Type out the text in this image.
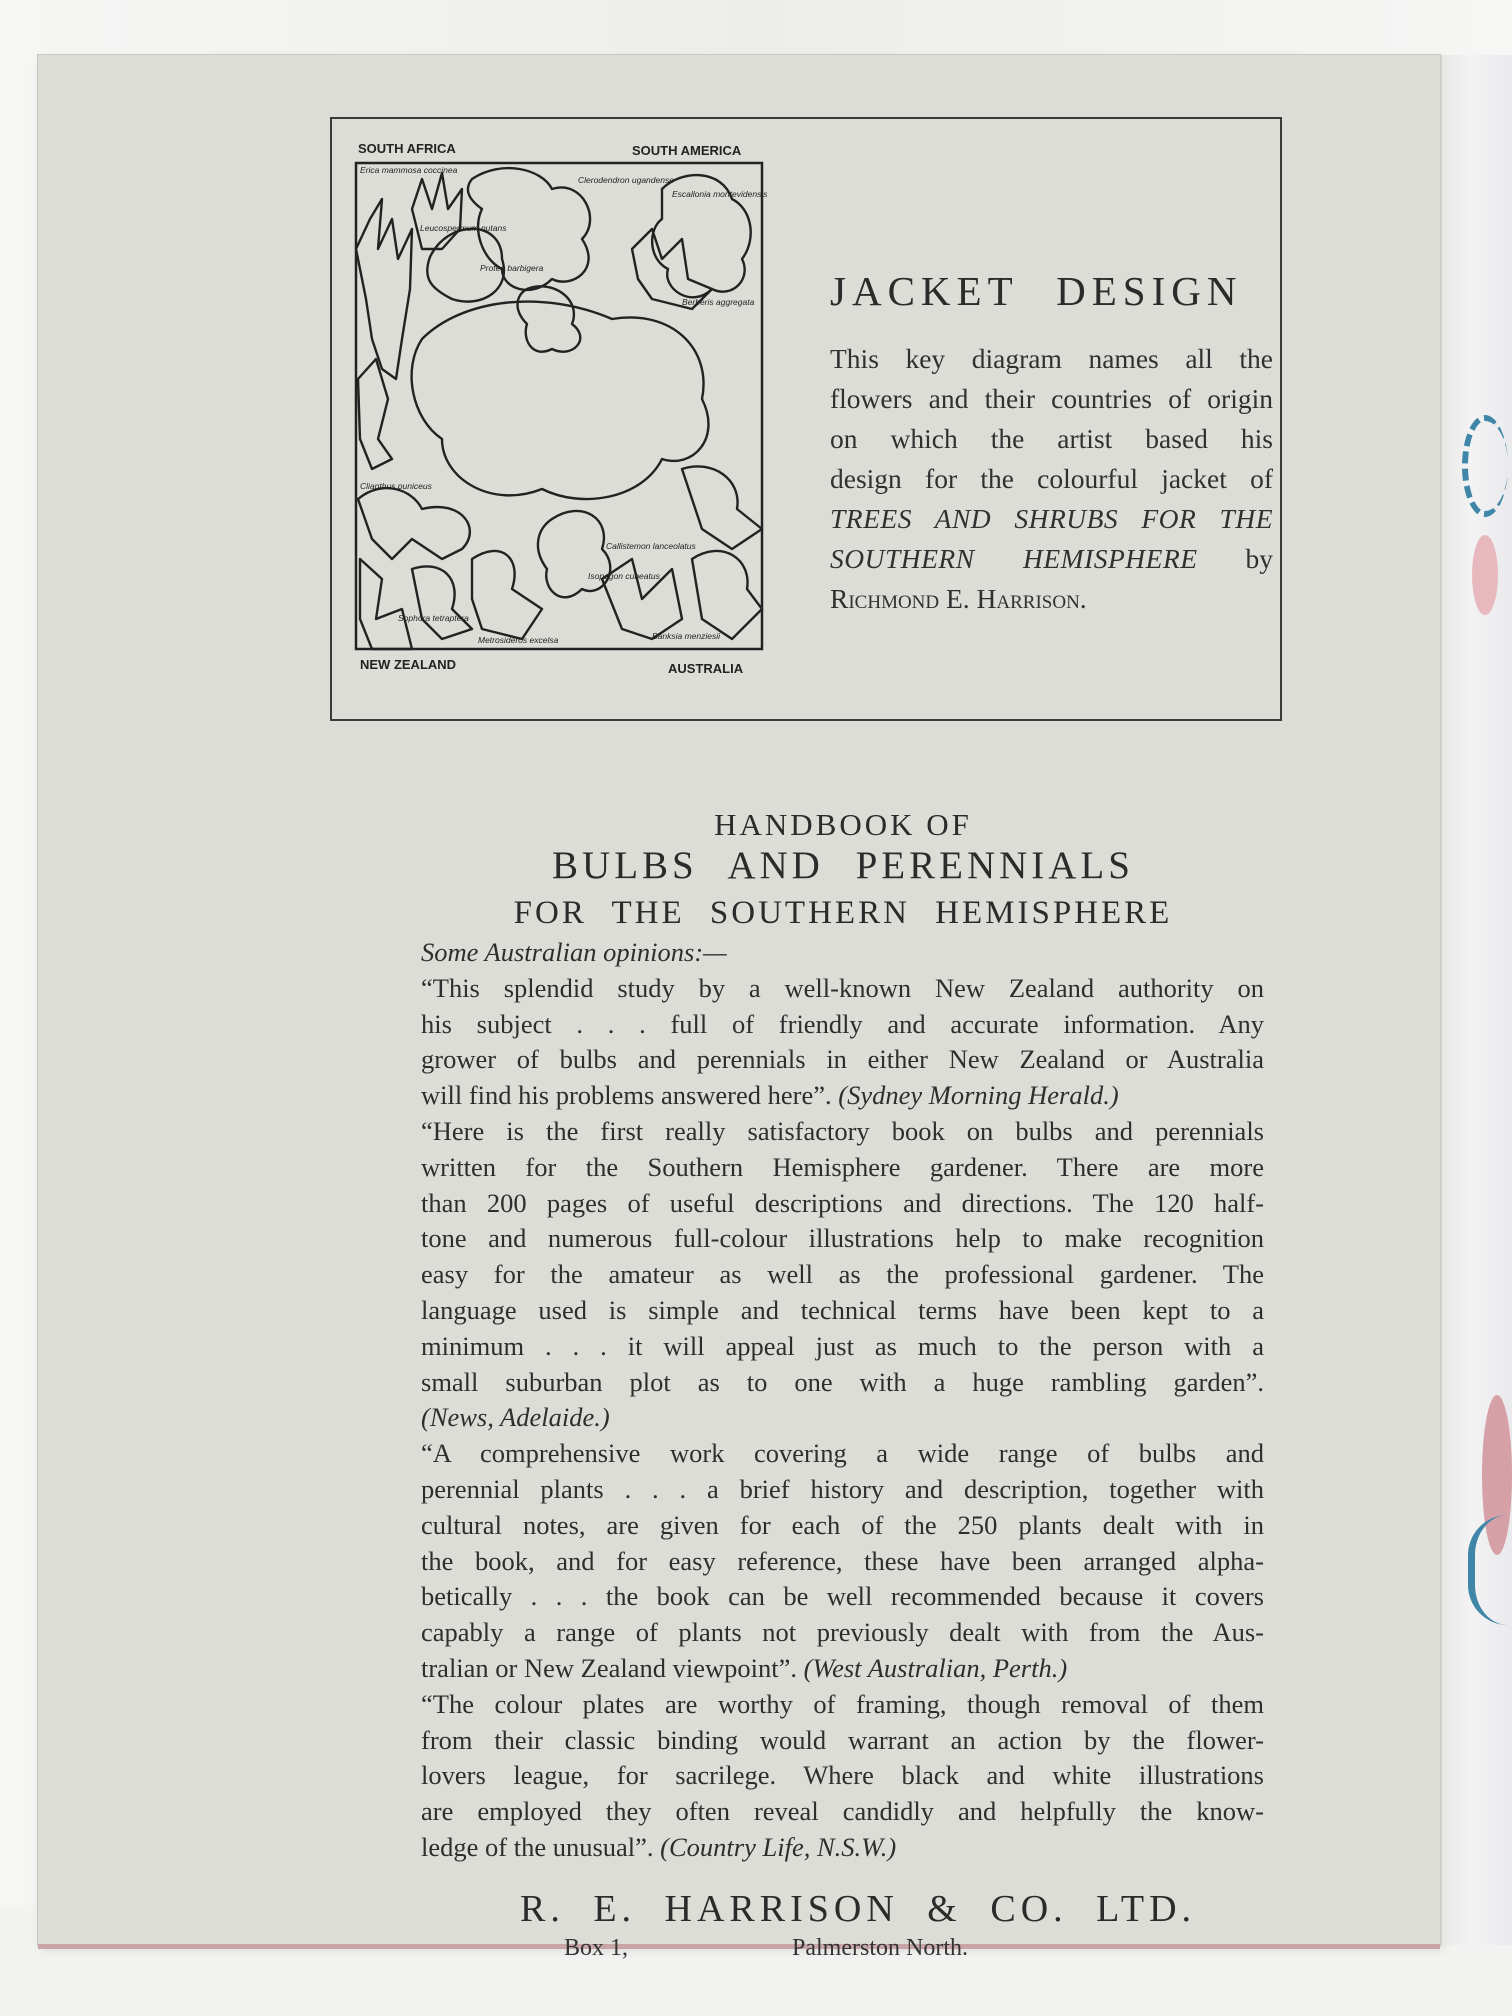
SOUTH AFRICA	SOUTH AMERICA
NEW ZEALAND	AUSTRALIA
Erica mammosa coccinea
Leucospermum nutans
Protea barbigera
Clerodendron ugandense
Escallonia montevidensis
Berberis aggregata
Clianthus puniceus
Callistemon lanceolatus
Isopogon cuneatus
Sophora tetraptera
Metrosideros excelsa	Banksia menziesii
JACKET DESIGN
This key diagram names all the
flowers and their countries of origin
on which the artist based his
design for the colourful jacket of
TREES AND SHRUBS FOR THE
SOUTHERN HEMISPHERE by
Richmond E. Harrison.
HANDBOOK OF
BULBS AND PERENNIALS
FOR THE SOUTHERN HEMISPHERE
Some Australian opinions:—
“This splendid study by a well-known New Zealand authority on
his subject . . . full of friendly and accurate information. Any
grower of bulbs and perennials in either New Zealand or Australia
will find his problems answered here”. (Sydney Morning Herald.)
“Here is the first really satisfactory book on bulbs and perennials
written for the Southern Hemisphere gardener. There are more
than 200 pages of useful descriptions and directions. The 120 half-
tone and numerous full-colour illustrations help to make recognition
easy for the amateur as well as the professional gardener. The
language used is simple and technical terms have been kept to a
minimum . . . it will appeal just as much to the person with a
small suburban plot as to one with a huge rambling garden”.
(News, Adelaide.)
“A comprehensive work covering a wide range of bulbs and
perennial plants . . . a brief history and description, together with
cultural notes, are given for each of the 250 plants dealt with in
the book, and for easy reference, these have been arranged alpha-
betically . . . the book can be well recommended because it covers
capably a range of plants not previously dealt with from the Aus-
tralian or New Zealand viewpoint”. (West Australian, Perth.)
“The colour plates are worthy of framing, though removal of them
from their classic binding would warrant an action by the flower-
lovers league, for sacrilege. Where black and white illustrations
are employed they often reveal candidly and helpfully the know-
ledge of the unusual”. (Country Life, N.S.W.)
R. E. HARRISON & CO. LTD.
Box 1,	Palmerston North.
